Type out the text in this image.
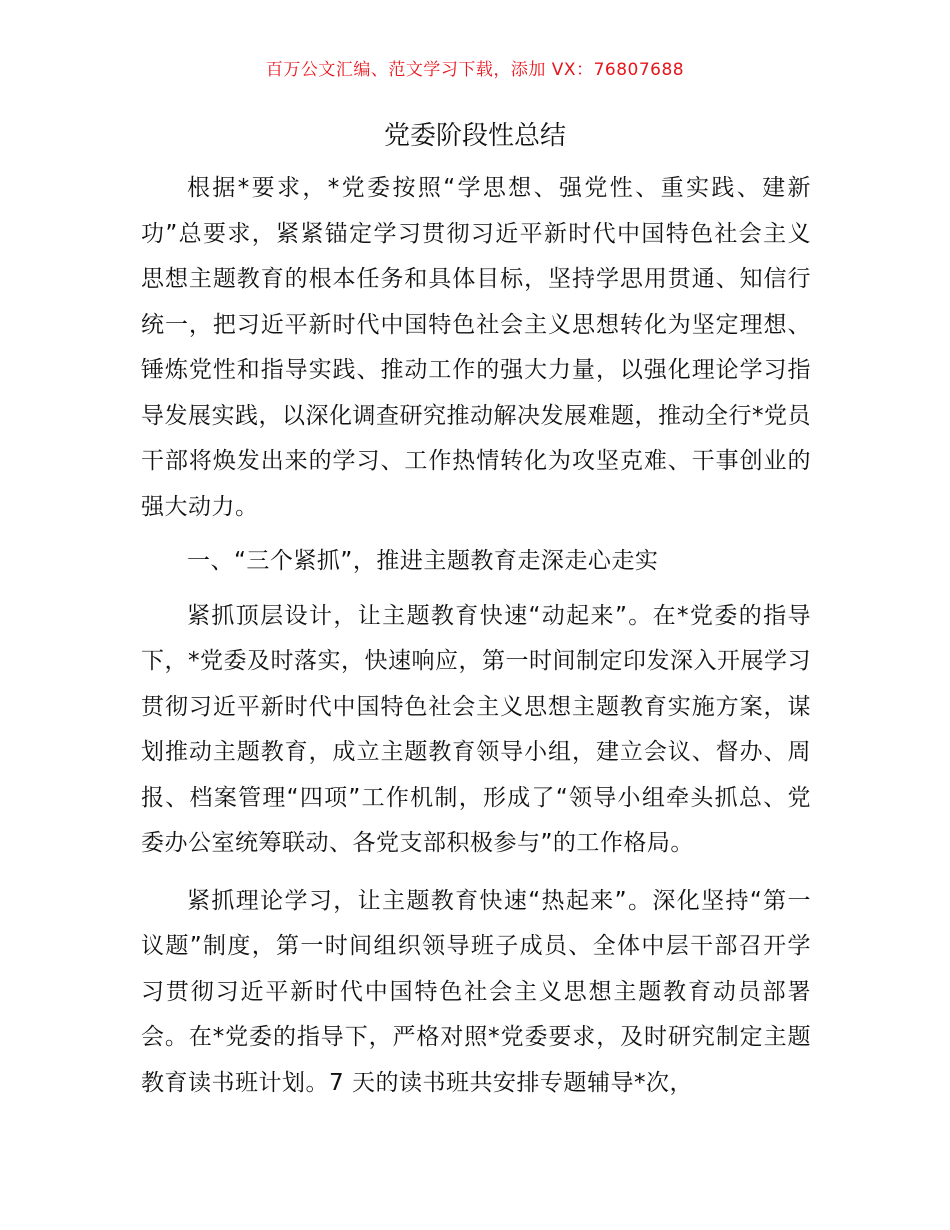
百万公文汇编、范文学习下载，添加 VX：76807688
党委阶段性总结

根据*要求，*党委按照“学思想、强党性、重实践、建新功”总要求，紧紧锚定学习贯彻习近平新时代中国特色社会主义思想主题教育的根本任务和具体目标，坚持学思用贯通、知信行统一，把习近平新时代中国特色社会主义思想转化为坚定理想、锤炼党性和指导实践、推动工作的强大力量，以强化理论学习指导发展实践，以深化调查研究推动解决发展难题，推动全行*党员干部将焕发出来的学习、工作热情转化为攻坚克难、干事创业的强大动力。

一、“三个紧抓”，推进主题教育走深走心走实

紧抓顶层设计，让主题教育快速“动起来”。在*党委的指导下，*党委及时落实，快速响应，第一时间制定印发深入开展学习贯彻习近平新时代中国特色社会主义思想主题教育实施方案，谋划推动主题教育，成立主题教育领导小组，建立会议、督办、周报、档案管理“四项”工作机制，形成了“领导小组牵头抓总、党委办公室统筹联动、各党支部积极参与”的工作格局。

紧抓理论学习，让主题教育快速“热起来”。深化坚持“第一议题”制度，第一时间组织领导班子成员、全体中层干部召开学习贯彻习近平新时代中国特色社会主义思想主题教育动员部署会。在*党委的指导下，严格对照*党委要求，及时研究制定主题教育读书班计划。7 天的读书班共安排专题辅导*次，
